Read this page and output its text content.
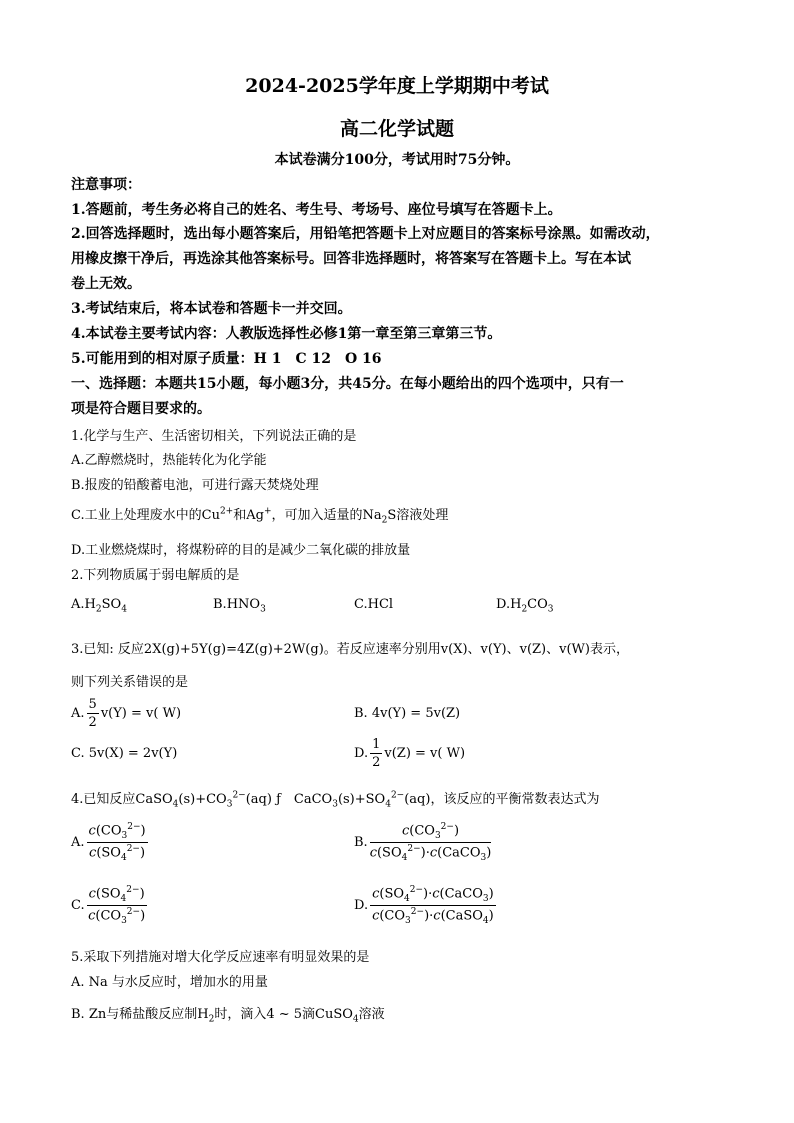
2024-2025学年度上学期期中考试
高二化学试题
本试卷满分100分，考试用时75分钟。
注意事项：
1.答题前，考生务必将自己的姓名、考生号、考场号、座位号填写在答题卡上。
2.回答选择题时，选出每小题答案后，用铅笔把答题卡上对应题目的答案标号涂黑。如需改动，
用橡皮擦干净后，再选涂其他答案标号。回答非选择题时，将答案写在答题卡上。写在本试
卷上无效。
3.考试结束后，将本试卷和答题卡一并交回。
4.本试卷主要考试内容：人教版选择性必修1第一章至第三章第三节。
5.可能用到的相对原子质量：H 1　C 12　O 16
一、选择题：本题共15小题，每小题3分，共45分。在每小题给出的四个选项中，只有一
项是符合题目要求的。
1.化学与生产、生活密切相关，下列说法正确的是
A.乙醇燃烧时，热能转化为化学能
B.报废的铅酸蓄电池，可进行露天焚烧处理
C.工业上处理废水中的$Cu^{2+}$和Ag+，可加入适量的$Na_2S$溶液处理
D.工业燃烧煤时，将煤粉碎的目的是减少二氧化碳的排放量
2.下列物质属于弱电解质的是
$A.H_2SO_4$	$B.HNO_3$	C.HCl	$D.H_2CO_3$
3.已知: 反应2X(g)+5Y(g)=4Z(g)+2W(g)。若反应速率分别用v(X)、v(Y)、v(Z)、v(W)表示，
则下列关系错误的是
A. $\frac{5}{2} v(Y) = v$( W)	B. 4v(Y) = 5v(Z)
C. 5v(X) = 2v(Y)	D. $\frac{1}{2} v(Z) = v$( W)
4.已知反应$CaSO_4(s)+CO_3^{2-}(aq)$ ƒ　$CaCO_3(s)+SO_4^{2-}(aq)$，该反应的平衡常数表达式为
A. $\frac{c(CO_3^{2-})}{c(SO_4^{2-})}$	B.
$c(CO_3^{2-})$
$c(SO_4^{2-})\cdot c(CaCO_3)$
C. $\frac{c(SO_4^{2-})}{c(CO_3^{2-})}$	D.
$c(SO_4^{2-})\cdot c(CaCO_3)$
$c(CO_3^{2-})\cdot c(CaSO_4)$
5.采取下列措施对增大化学反应速率有明显效果的是
A. Na 与水反应时，增加水的用量
B. Zn与稀盐酸反应制$H_2$时，滴入4 ~ 5滴CuSO$_4$溶液
